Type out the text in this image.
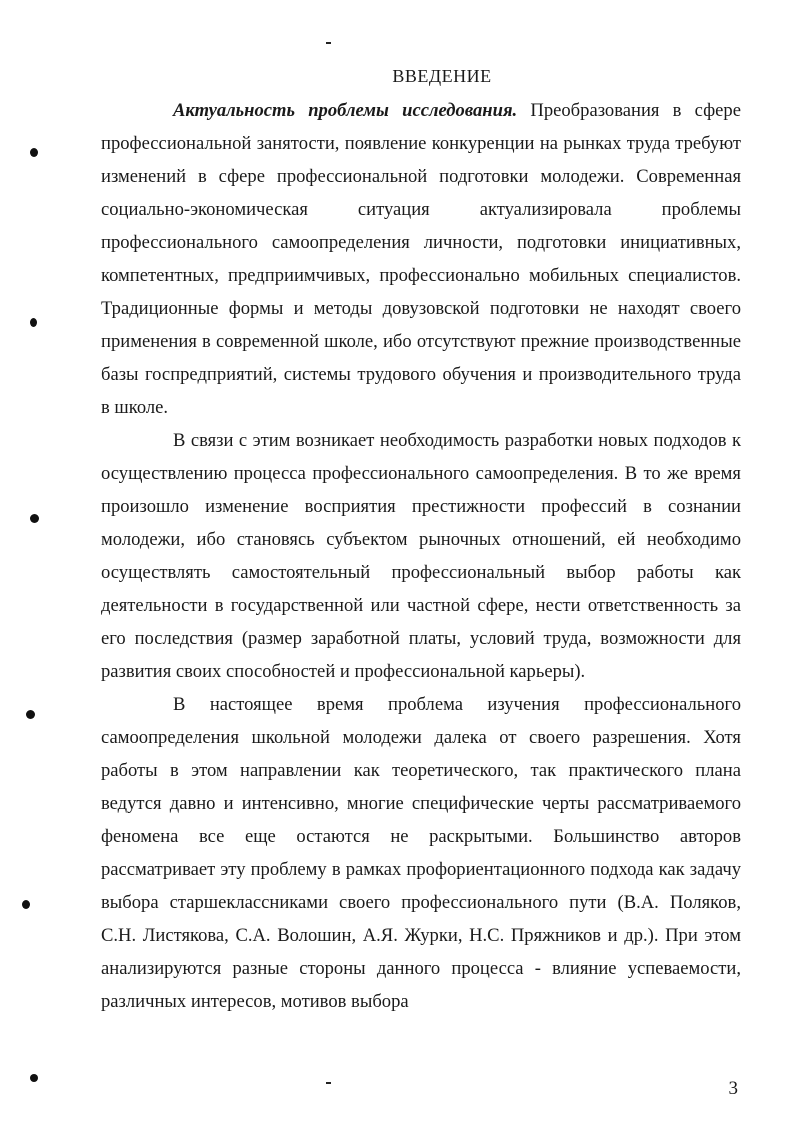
ВВЕДЕНИЕ

Актуальность проблемы исследования. Преобразования в сфере профессиональной занятости, появление конкуренции на рынках труда требуют изменений в сфере профессиональной подготовки молодежи. Современная социально-экономическая ситуация актуализировала проблемы профессионального самоопределения личности, подготовки инициативных, компетентных, предприимчивых, профессионально мобильных специалистов. Традиционные формы и методы довузовской подготовки не находят своего применения в современной школе, ибо отсутствуют прежние производственные базы госпредприятий, системы трудового обучения и производительного труда в школе.

В связи с этим возникает необходимость разработки новых подходов к осуществлению процесса профессионального самоопределения. В то же время произошло изменение восприятия престижности профессий в сознании молодежи, ибо становясь субъектом рыночных отношений, ей необходимо осуществлять самостоятельный профессиональный выбор работы как деятельности в государственной или частной сфере, нести ответственность за его последствия (размер заработной платы, условий труда, возможности для развития своих способностей и профессиональной карьеры).

В настоящее время проблема изучения профессионального самоопределения школьной молодежи далека от своего разрешения. Хотя работы в этом направлении как теоретического, так практического плана ведутся давно и интенсивно, многие специфические черты рассматриваемого феномена все еще остаются не раскрытыми. Большинство авторов рассматривает эту проблему в рамках профориентационного подхода как задачу выбора старшеклассниками своего профессионального пути (В.А. Поляков, С.Н. Листякова, С.А. Волошин, А.Я. Журки, Н.С. Пряжников и др.). При этом анализируются разные стороны данного процесса - влияние успеваемости, различных интересов, мотивов выбора

3
